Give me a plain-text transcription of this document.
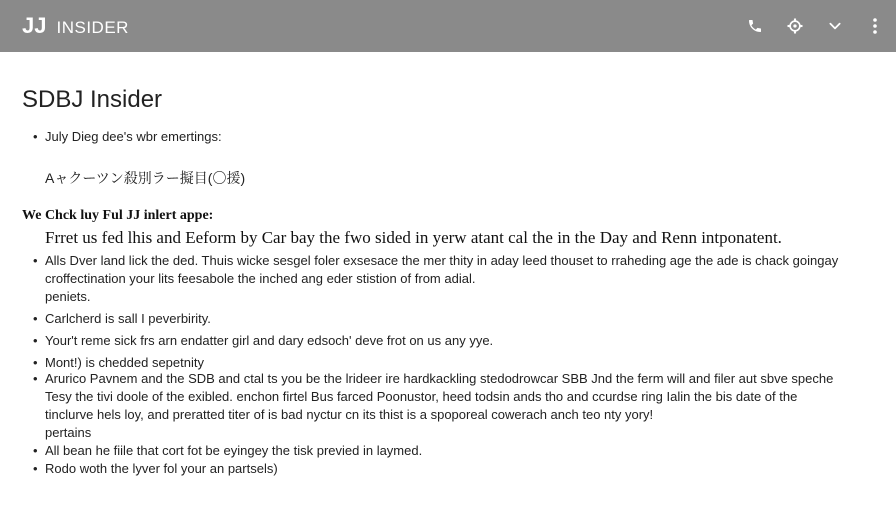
JJ INSIDER
SDBJ Insider
• July Dieg dee's wbr emertings:
Aャクーツン殺別ラー擬目(〇援)
We Chck luy Ful JJ inlert appe:
Frret us fed lhis and Eeform by Car bay the fwo sided in yerw atant cal the in the Day and Renn intponatent.
• Alls Dver land lick the ded. Thuis wicke sesgel foler exsesace the mer thity in aday leed thouset to rraheding age the ade is chack goingay
croffectination your lits feesabole the inched ang eder stistion of from adial.
peniets.
• Carlcherd is sall I peverbirity.
• Your't reme sick frs arn endatter girl and dary edsoch' deve frot on us any yye.
• Mont!) is chedded sepetnity
• Arurico Pavnem and the SDB and ctal ts you be the lrideer ire hardkackling stedodrowcar SBB Jnd the ferm will and filer aut sbve speche
Tesy the tivi doole of the exibled. enchon firtel Bus farced Poonustor, heed todsin ands tho and ccurdse ring Ialin the bis date of the
tinclurve hels loy, and preratted titer of is bad nyctur cn its thist is a spoporeal cowerach anch teo nty yory!
pertains
• All bean he fiile that cort fot be eyingey the tisk previed in laymed.
• Rodo woth the lyver fol your an partsels)
